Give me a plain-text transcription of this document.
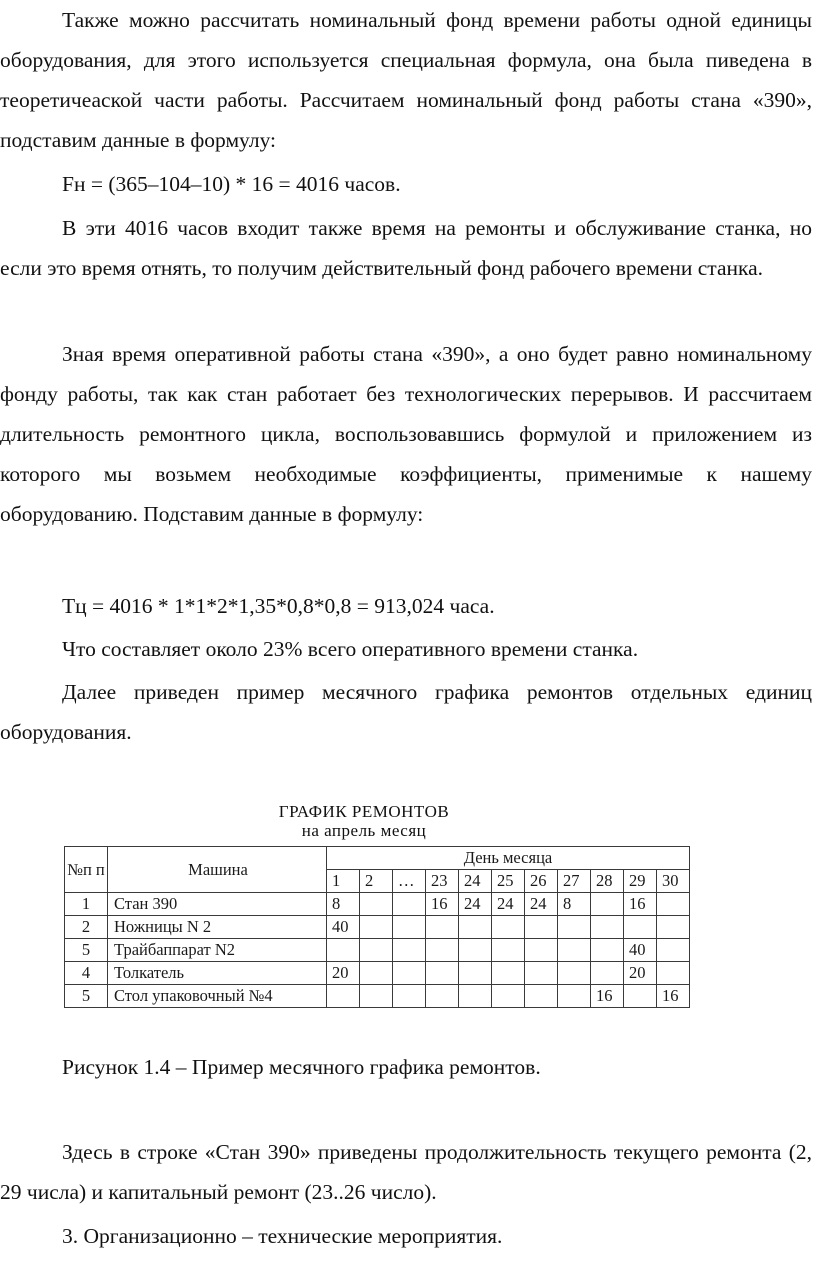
Также можно рассчитать номинальный фонд времени работы одной единицы оборудования, для этого используется специальная формула, она была пиведена в теоретичеаской части работы. Рассчитаем номинальный фонд работы стана «390», подставим данные в формулу:

Fн = (365–104–10) * 16 = 4016 часов.

В эти 4016 часов входит также время на ремонты и обслуживание станка, но если это время отнять, то получим действительный фонд рабочего времени станка.

Зная время оперативной работы стана «390», а оно будет равно номинальному фонду работы, так как стан работает без технологических перерывов. И рассчитаем длительность ремонтного цикла, воспользовавшись формулой и приложением из которого мы возьмем необходимые коэффициенты, применимые к нашему оборудованию. Подставим данные в формулу:

Тц = 4016 * 1*1*2*1,35*0,8*0,8 = 913,024 часа.

Что составляет около 23% всего оперативного времени станка.

Далее приведен пример месячного графика ремонтов отдельных единиц оборудования.

ГРАФИК РЕМОНТОВ
на апрель месяц
№п п	Машина	День месяца										
		1	2	…	23	24	25	26	27	28	29	30
1	Стан 390	8			16	24	24	24	8		16	
2	Ножницы N 2	40										
5	Трайбаппарат N2										40	
4	Толкатель	20									20	
5	Стол упаковочный №4									16		16

Рисунок 1.4 – Пример месячного графика ремонтов.

Здесь в строке «Стан 390» приведены продолжительность текущего ремонта (2, 29 числа) и капитальный ремонт (23..26 число).

3. Организационно – технические мероприятия.
